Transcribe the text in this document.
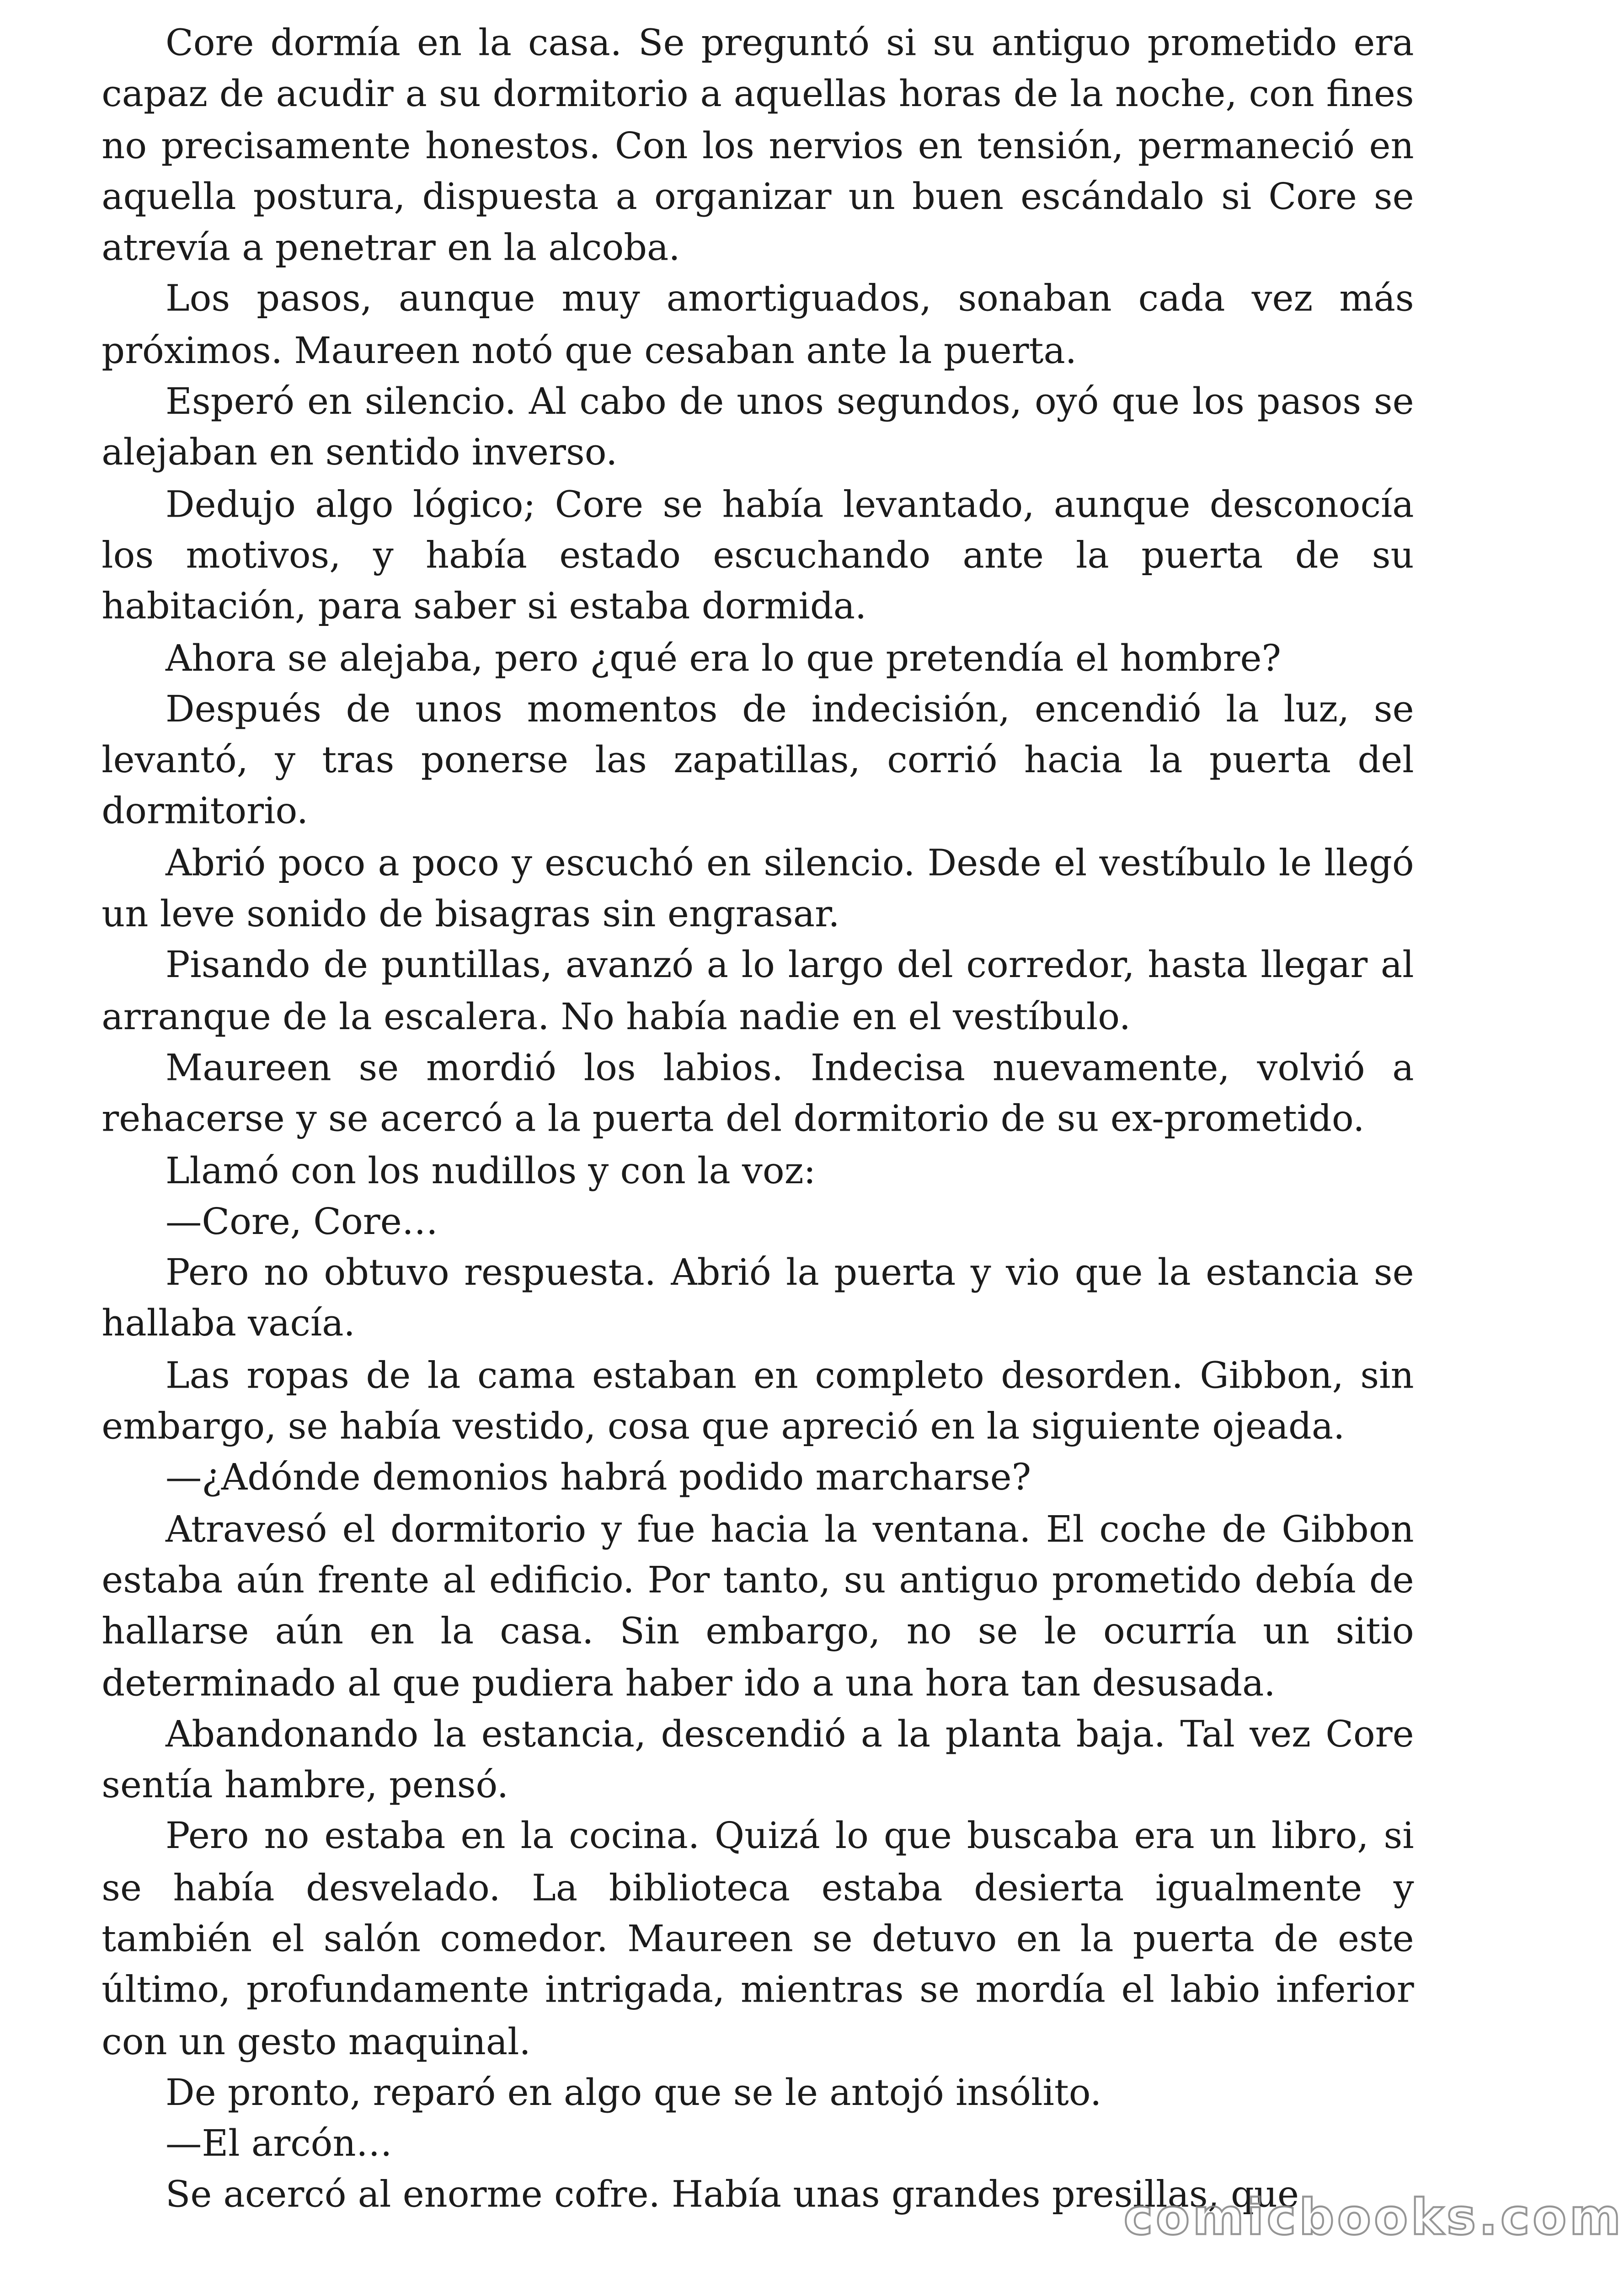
Core dormía en la casa. Se preguntó si su antiguo prometido era capaz de acudir a su dormitorio a aquellas horas de la noche, con fines no precisamente honestos. Con los nervios en tensión, permaneció en aquella postura, dispuesta a organizar un buen escándalo si Core se atrevía a penetrar en la alcoba.

Los pasos, aunque muy amortiguados, sonaban cada vez más próximos. Maureen notó que cesaban ante la puerta.

Esperó en silencio. Al cabo de unos segundos, oyó que los pasos se alejaban en sentido inverso.

Dedujo algo lógico; Core se había levantado, aunque desconocía los motivos, y había estado escuchando ante la puerta de su habitación, para saber si estaba dormida.

Ahora se alejaba, pero ¿qué era lo que pretendía el hombre?

Después de unos momentos de indecisión, encendió la luz, se levantó, y tras ponerse las zapatillas, corrió hacia la puerta del dormitorio.

Abrió poco a poco y escuchó en silencio. Desde el vestíbulo le llegó un leve sonido de bisagras sin engrasar.

Pisando de puntillas, avanzó a lo largo del corredor, hasta llegar al arranque de la escalera. No había nadie en el vestíbulo.

Maureen se mordió los labios. Indecisa nuevamente, volvió a rehacerse y se acercó a la puerta del dormitorio de su ex-prometido.

Llamó con los nudillos y con la voz:

—Core, Core…

Pero no obtuvo respuesta. Abrió la puerta y vio que la estancia se hallaba vacía.

Las ropas de la cama estaban en completo desorden. Gibbon, sin embargo, se había vestido, cosa que apreció en la siguiente ojeada.

—¿Adónde demonios habrá podido marcharse?

Atravesó el dormitorio y fue hacia la ventana. El coche de Gibbon estaba aún frente al edificio. Por tanto, su antiguo prometido debía de hallarse aún en la casa. Sin embargo, no se le ocurría un sitio determinado al que pudiera haber ido a una hora tan desusada.

Abandonando la estancia, descendió a la planta baja. Tal vez Core sentía hambre, pensó.

Pero no estaba en la cocina. Quizá lo que buscaba era un libro, si se había desvelado. La biblioteca estaba desierta igualmente y también el salón comedor. Maureen se detuvo en la puerta de este último, profundamente intrigada, mientras se mordía el labio inferior con un gesto maquinal.

De pronto, reparó en algo que se le antojó insólito.

—El arcón…

Se acercó al enorme cofre. Había unas grandes presillas, que

comicbooks.com
